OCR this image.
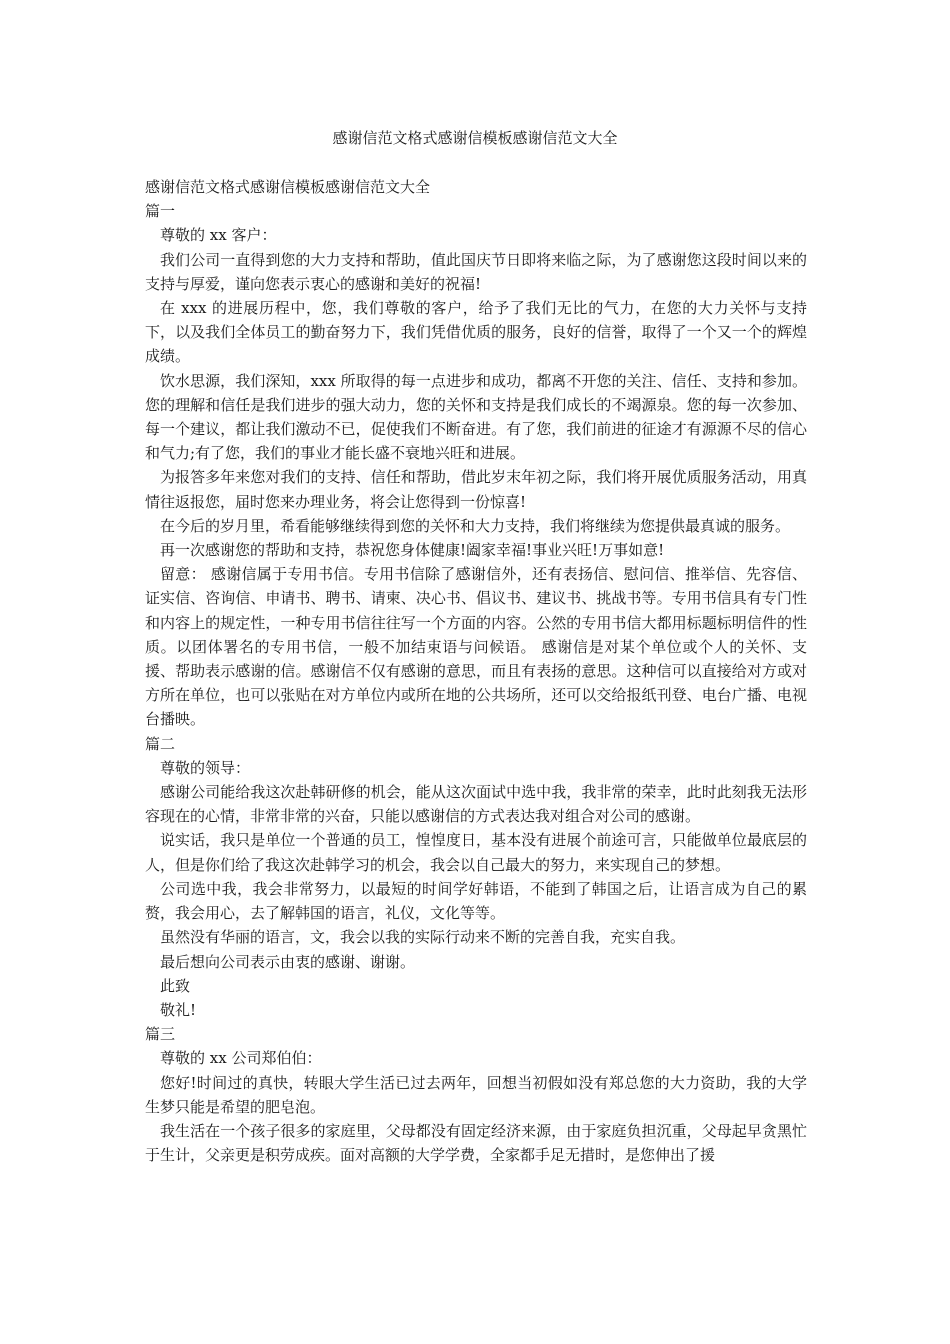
感谢信范文格式感谢信模板感谢信范文大全

感谢信范文格式感谢信模板感谢信范文大全

篇一

尊敬的 xx 客户：

我们公司一直得到您的大力支持和帮助，值此国庆节日即将来临之际，为了感谢您这段时间以来的支持与厚爱，谨向您表示衷心的感谢和美好的祝福!

在 xxx 的进展历程中，您，我们尊敬的客户，给予了我们无比的气力，在您的大力关怀与支持下，以及我们全体员工的勤奋努力下，我们凭借优质的服务，良好的信誉，取得了一个又一个的辉煌成绩。

饮水思源，我们深知，xxx 所取得的每一点进步和成功，都离不开您的关注、信任、支持和参加。您的理解和信任是我们进步的强大动力，您的关怀和支持是我们成长的不竭源泉。您的每一次参加、每一个建议，都让我们激动不已，促使我们不断奋进。有了您，我们前进的征途才有源源不尽的信心和气力;有了您，我们的事业才能长盛不衰地兴旺和进展。

为报答多年来您对我们的支持、信任和帮助，借此岁末年初之际，我们将开展优质服务活动，用真情往返报您，届时您来办理业务，将会让您得到一份惊喜!

在今后的岁月里，希看能够继续得到您的关怀和大力支持，我们将继续为您提供最真诚的服务。

再一次感谢您的帮助和支持，恭祝您身体健康!阖家幸福!事业兴旺!万事如意!

留意： 感谢信属于专用书信。专用书信除了感谢信外，还有表扬信、慰问信、推举信、先容信、证实信、咨询信、申请书、聘书、请柬、决心书、倡议书、建议书、挑战书等。专用书信具有专门性和内容上的规定性，一种专用书信往往写一个方面的内容。公然的专用书信大都用标题标明信件的性质。以团体署名的专用书信，一般不加结束语与问候语。 感谢信是对某个单位或个人的关怀、支援、帮助表示感谢的信。感谢信不仅有感谢的意思，而且有表扬的意思。这种信可以直接给对方或对方所在单位，也可以张贴在对方单位内或所在地的公共场所，还可以交给报纸刊登、电台广播、电视台播映。

篇二

尊敬的领导：

感谢公司能给我这次赴韩研修的机会，能从这次面试中选中我，我非常的荣幸，此时此刻我无法形容现在的心情，非常非常的兴奋，只能以感谢信的方式表达我对组合对公司的感谢。

说实话，我只是单位一个普通的员工，惶惶度日，基本没有进展个前途可言，只能做单位最底层的人，但是你们给了我这次赴韩学习的机会，我会以自己最大的努力，来实现自己的梦想。

公司选中我，我会非常努力，以最短的时间学好韩语，不能到了韩国之后，让语言成为自己的累赘，我会用心，去了解韩国的语言，礼仪，文化等等。

虽然没有华丽的语言，文，我会以我的实际行动来不断的完善自我，充实自我。

最后想向公司表示由衷的感谢、谢谢。

此致

敬礼!

篇三

尊敬的 xx 公司郑伯伯：

您好!时间过的真快，转眼大学生活已过去两年，回想当初假如没有郑总您的大力资助，我的大学生梦只能是希望的肥皂泡。

我生活在一个孩子很多的家庭里，父母都没有固定经济来源，由于家庭负担沉重，父母起早贪黑忙于生计，父亲更是积劳成疾。面对高额的大学学费，全家都手足无措时，是您伸出了援
